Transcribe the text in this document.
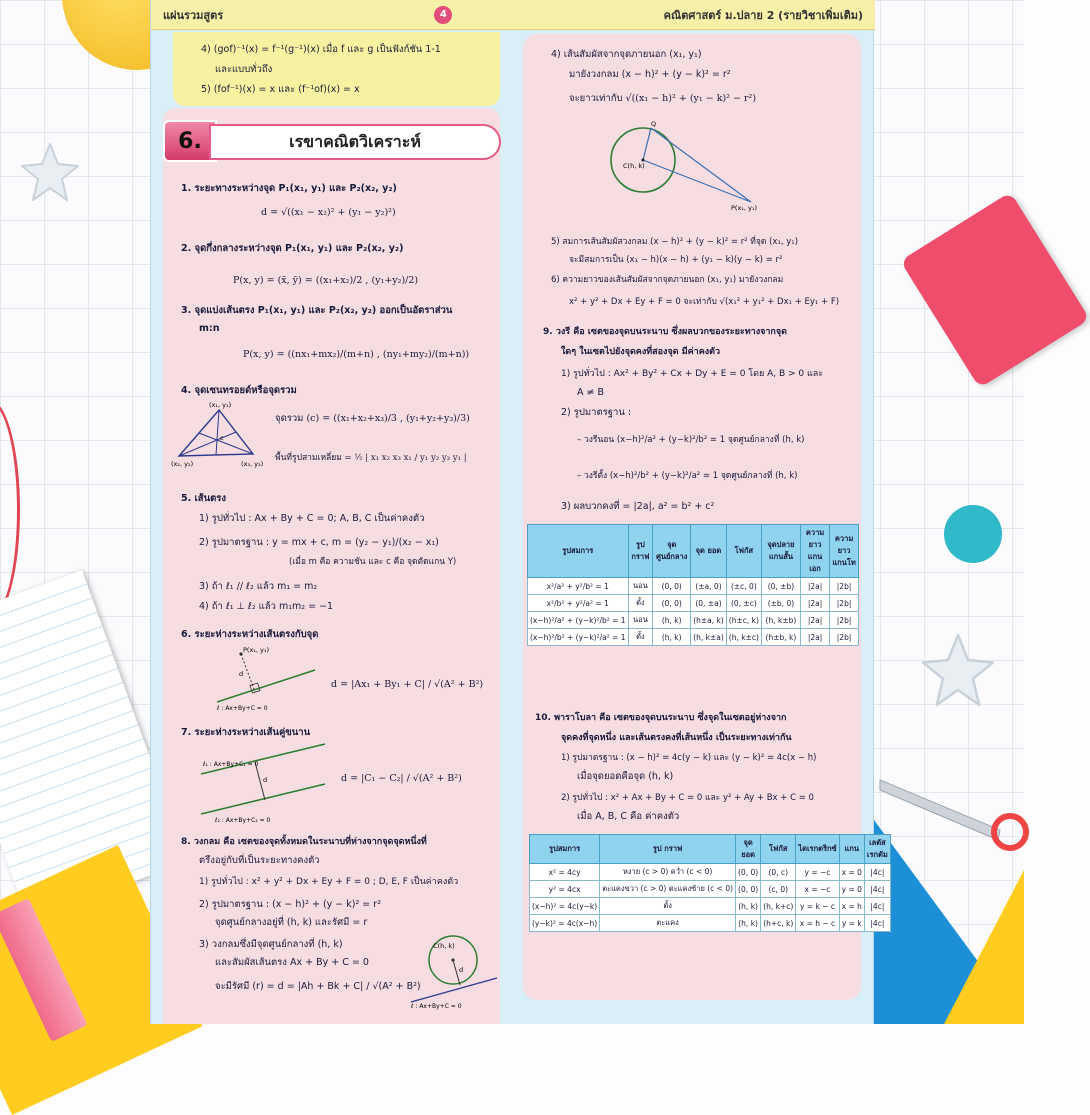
แผ่นรวมสูตร	4	คณิตศาสตร์ ม.ปลาย 2 (รายวิชาเพิ่มเติม)
4) (gof)⁻¹(x) = f⁻¹(g⁻¹)(x) เมื่อ f และ g เป็นฟังก์ชัน 1-1
และแบบทั่วถึง
5) (fof⁻¹)(x) = x และ (f⁻¹of)(x) = x
6.	เรขาคณิตวิเคราะห์
1. ระยะทางระหว่างจุด P₁(x₁, y₁) และ P₂(x₂, y₂)
d = √((x₁ − x₂)² + (y₁ − y₂)²)
2. จุดกึ่งกลางระหว่างจุด P₁(x₁, y₁) และ P₂(x₂, y₂)
P(x, y) = (x̄, ȳ) = ((x₁+x₂)/2 , (y₁+y₂)/2)
3. จุดแบ่งเส้นตรง P₁(x₁, y₁) และ P₂(x₂, y₂) ออกเป็นอัตราส่วน
m:n
P(x, y) = ((nx₁+mx₂)/(m+n) , (ny₁+my₂)/(m+n))
4. จุดเซนทรอยด์หรือจุดรวม
(x₁, y₁)
(x₂, y₂)	(x₃, y₃)
c
จุดรวม (c) = ((x₁+x₂+x₃)/3 , (y₁+y₂+y₃)/3)
พื้นที่รูปสามเหลี่ยม = ½ | x₁ x₂ x₃ x₁ / y₁ y₂ y₃ y₁ |
5. เส้นตรง
1) รูปทั่วไป : Ax + By + C = 0; A, B, C เป็นค่าคงตัว
2) รูปมาตรฐาน : y = mx + c, m = (y₂ − y₁)/(x₂ − x₁)
(เมื่อ m คือ ความชัน และ c คือ จุดตัดแกน Y)
3) ถ้า ℓ₁ // ℓ₂ แล้ว m₁ = m₂
4) ถ้า ℓ₁ ⊥ ℓ₂ แล้ว m₁m₂ = −1
6. ระยะห่างระหว่างเส้นตรงกับจุด
P(x₁, y₁)
d
ℓ : Ax+By+C = 0
d = |Ax₁ + By₁ + C| / √(A² + B²)
7. ระยะห่างระหว่างเส้นคู่ขนาน
ℓ₁ : Ax+By+C₁ = 0
ℓ₂ : Ax+By+C₂ = 0
d	d = |C₁ − C₂| / √(A² + B²)
8. วงกลม คือ เซตของจุดทั้งหมดในระนาบที่ห่างจากจุดจุดหนึ่งที่
ตรึงอยู่กับที่เป็นระยะทางคงตัว
1) รูปทั่วไป : x² + y² + Dx + Ey + F = 0 ; D, E, F เป็นค่าคงตัว
2) รูปมาตรฐาน : (x − h)² + (y − k)² = r²
จุดศูนย์กลางอยู่ที่ (h, k) และรัศมี = r
3) วงกลมซึ่งมีจุดศูนย์กลางที่ (h, k)
และสัมผัสเส้นตรง Ax + By + C = 0
จะมีรัศมี (r) = d = |Ah + Bk + C| / √(A² + B²)
C(h, k)
d
ℓ : Ax+By+C = 0
4) เส้นสัมผัสจากจุดภายนอก (x₁, y₁)
มายังวงกลม (x − h)² + (y − k)² = r²
จะยาวเท่ากับ √((x₁ − h)² + (y₁ − k)² − r²)
C(h, k)
Q
P(x₁, y₁)
5) สมการเส้นสัมผัสวงกลม (x − h)² + (y − k)² = r² ที่จุด (x₁, y₁)
จะมีสมการเป็น (x₁ − h)(x − h) + (y₁ − k)(y − k) = r²
6) ความยาวของเส้นสัมผัสจากจุดภายนอก (x₁, y₁) มายังวงกลม
x² + y² + Dx + Ey + F = 0 จะเท่ากับ √(x₁² + y₁² + Dx₁ + Ey₁ + F)
9. วงรี คือ เซตของจุดบนระนาบ ซึ่งผลบวกของระยะทางจากจุด
ใดๆ ในเซตไปยังจุดคงที่สองจุด มีค่าคงตัว
1) รูปทั่วไป : Ax² + By² + Cx + Dy + E = 0 โดย A, B > 0 และ
A ≠ B
2) รูปมาตรฐาน :
– วงรีนอน (x−h)²/a² + (y−k)²/b² = 1 จุดศูนย์กลางที่ (h, k)
– วงรีตั้ง (x−h)²/b² + (y−k)²/a² = 1 จุดศูนย์กลางที่ (h, k)
3) ผลบวกคงที่ = |2a|, a² = b² + c²
รูปสมการ	รูป กราฟ	จุด ศูนย์กลาง	จุด ยอด	โฟกัส	จุดปลาย แกนสั้น	ความยาว แกนเอก	ความยาว แกนโท
x²/a² + y²/b² = 1	นอน	(0, 0)	(±a, 0)	(±c, 0)	(0, ±b)	|2a|	|2b|
x²/b² + y²/a² = 1	ตั้ง	(0, 0)	(0, ±a)	(0, ±c)	(±b, 0)	|2a|	|2b|
(x−h)²/a² + (y−k)²/b² = 1	นอน	(h, k)	(h±a, k)	(h±c, k)	(h, k±b)	|2a|	|2b|
(x−h)²/b² + (y−k)²/a² = 1	ตั้ง	(h, k)	(h, k±a)	(h, k±c)	(h±b, k)	|2a|	|2b|
10. พาราโบลา คือ เซตของจุดบนระนาบ ซึ่งจุดในเซตอยู่ห่างจาก
จุดคงที่จุดหนึ่ง และเส้นตรงคงที่เส้นหนึ่ง เป็นระยะทางเท่ากัน
1) รูปมาตรฐาน : (x − h)² = 4c(y − k) และ (y − k)² = 4c(x − h)
เมื่อจุดยอดคือจุด (h, k)
2) รูปทั่วไป : x² + Ax + By + C = 0 และ y² + Ay + Bx + C = 0
เมื่อ A, B, C คือ ค่าคงตัว
รูปสมการ	รูป กราฟ	จุดยอด	โฟกัส	ไดเรกตริกซ์	แกน	เลตัส เรกตัม
x² = 4cy	หงาย (c > 0) คว่ำ (c < 0)	(0, 0)	(0, c)	y = −c	x = 0	|4c|
y² = 4cx	ตะแคงขวา (c > 0) ตะแคงซ้าย (c < 0)	(0, 0)	(c, 0)	x = −c	y = 0	|4c|
(x−h)² = 4c(y−k)	ตั้ง	(h, k)	(h, k+c)	y = k − c	x = h	|4c|
(y−k)² = 4c(x−h)	ตะแคง	(h, k)	(h+c, k)	x = h − c	y = k	|4c|
